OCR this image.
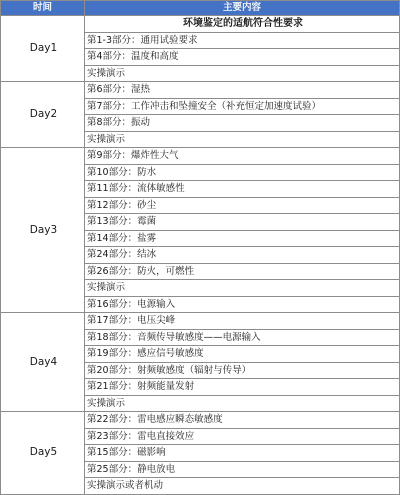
时间	主要内容
Day1	环境鉴定的适航符合性要求
	第1-3部分：通用试验要求
	第4部分：温度和高度
	实操演示
Day2	第6部分：湿热
	第7部分：工作冲击和坠撞安全（补充恒定加速度试验）
	第8部分：振动
	实操演示
Day3	第9部分：爆炸性大气
	第10部分：防水
	第11部分：流体敏感性
	第12部分：砂尘
	第13部分：霉菌
	第14部分：盐雾
	第24部分：结冰
	第26部分：防火，可燃性
	实操演示
	第16部分：电源输入
Day4	第17部分：电压尖峰
	第18部分：音频传导敏感度——电源输入
	第19部分：感应信号敏感度
	第20部分：射频敏感度（辐射与传导）
	第21部分：射频能量发射
	实操演示
Day5	第22部分：雷电感应瞬态敏感度
	第23部分：雷电直接效应
	第15部分：磁影响
	第25部分：静电放电
	实操演示或者机动
